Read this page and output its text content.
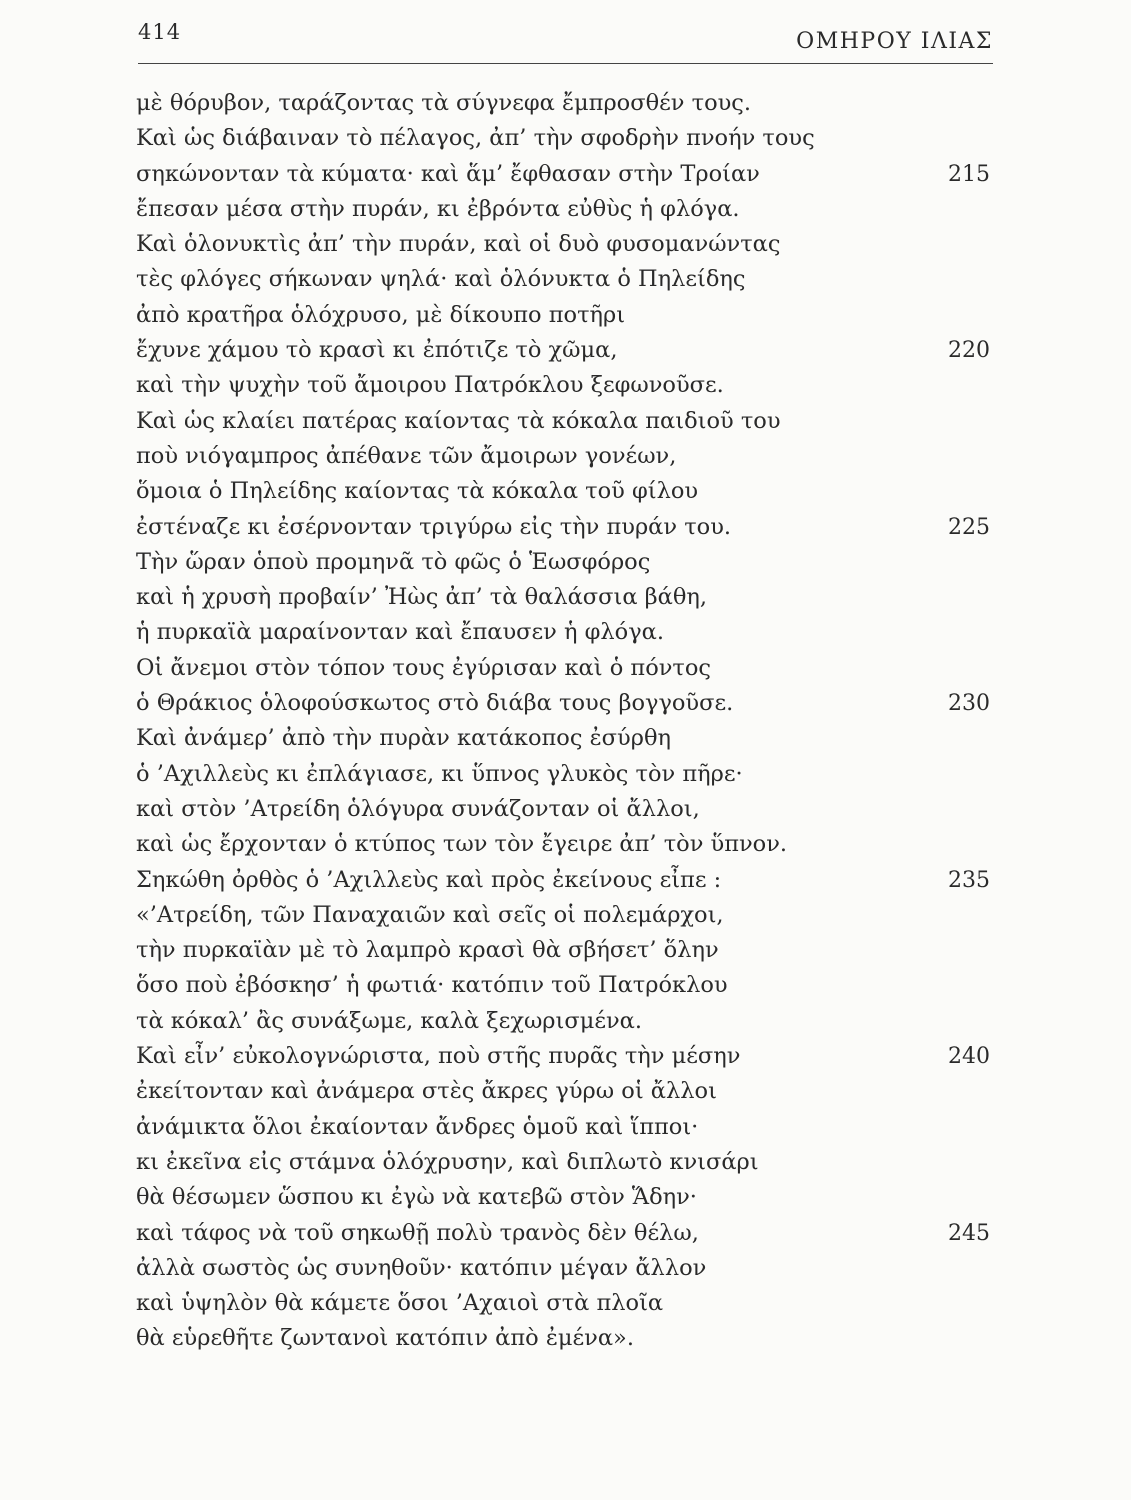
414	ΟΜΗΡΟΥ ΙΛΙΑΣ
μὲ θόρυβον, ταράζοντας τὰ σύγνεφα ἔμπροσθέν τους.
Καὶ ὡς διάβαιναν τὸ πέλαγος, ἀπ’ τὴν σφοδρὴν πνοήν τους
σηκώνονταν τὰ κύματα· καὶ ἅμ’ ἔφθασαν στὴν Τροίαν	215
ἔπεσαν μέσα στὴν πυράν, κι ἐβρόντα εὐθὺς ἡ φλόγα.
Καὶ ὁλονυκτὶς ἀπ’ τὴν πυράν, καὶ οἱ δυὸ φυσομανώντας
τὲς φλόγες σήκωναν ψηλά· καὶ ὁλόνυκτα ὁ Πηλείδης
ἀπὸ κρατῆρα ὁλόχρυσο, μὲ δίκουπο ποτῆρι
ἔχυνε χάμου τὸ κρασὶ κι ἐπότιζε τὸ χῶμα,	220
καὶ τὴν ψυχὴν τοῦ ἄμοιρου Πατρόκλου ξεφωνοῦσε.
Καὶ ὡς κλαίει πατέρας καίοντας τὰ κόκαλα παιδιοῦ του
ποὺ νιόγαμπρος ἀπέθανε τῶν ἄμοιρων γονέων,
ὅμοια ὁ Πηλείδης καίοντας τὰ κόκαλα τοῦ φίλου
ἐστέναζε κι ἐσέρνονταν τριγύρω εἰς τὴν πυράν του.	225
Τὴν ὥραν ὁποὺ προμηνᾶ τὸ φῶς ὁ Ἑωσφόρος
καὶ ἡ χρυσὴ προβαίν’ Ἠὼς ἀπ’ τὰ θαλάσσια βάθη,
ἡ πυρκαϊὰ μαραίνονταν καὶ ἔπαυσεν ἡ φλόγα.
Οἱ ἄνεμοι στὸν τόπον τους ἐγύρισαν καὶ ὁ πόντος
ὁ Θράκιος ὁλοφούσκωτος στὸ διάβα τους βογγοῦσε.	230
Καὶ ἀνάμερ’ ἀπὸ τὴν πυρὰν κατάκοπος ἐσύρθη
ὁ ’Αχιλλεὺς κι ἐπλάγιασε, κι ὕπνος γλυκὸς τὸν πῆρε·
καὶ στὸν ’Ατρείδη ὁλόγυρα συνάζονταν οἱ ἄλλοι,
καὶ ὡς ἔρχονταν ὁ κτύπος των τὸν ἔγειρε ἀπ’ τὸν ὕπνον.
Σηκώθη ὀρθὸς ὁ ’Αχιλλεὺς καὶ πρὸς ἐκείνους εἶπε :	235
«’Ατρείδη, τῶν Παναχαιῶν καὶ σεῖς οἱ πολεμάρχοι,
τὴν πυρκαϊὰν μὲ τὸ λαμπρὸ κρασὶ θὰ σβήσετ’ ὅλην
ὅσο ποὺ ἐβόσκησ’ ἡ φωτιά· κατόπιν τοῦ Πατρόκλου
τὰ κόκαλ’ ἂς συνάξωμε, καλὰ ξεχωρισμένα.
Καὶ εἶν’ εὐκολογνώριστα, ποὺ στῆς πυρᾶς τὴν μέσην	240
ἐκείτονταν καὶ ἀνάμερα στὲς ἄκρες γύρω οἱ ἄλλοι
ἀνάμικτα ὅλοι ἐκαίονταν ἄνδρες ὁμοῦ καὶ ἵπποι·
κι ἐκεῖνα εἰς στάμνα ὁλόχρυσην, καὶ διπλωτὸ κνισάρι
θὰ θέσωμεν ὥσπου κι ἐγὼ νὰ κατεβῶ στὸν Ἅδην·
καὶ τάφος νὰ τοῦ σηκωθῇ πολὺ τρανὸς δὲν θέλω,	245
ἀλλὰ σωστὸς ὡς συνηθοῦν· κατόπιν μέγαν ἄλλον
καὶ ὑψηλὸν θὰ κάμετε ὅσοι ’Αχαιοὶ στὰ πλοῖα
θὰ εὑρεθῆτε ζωντανοὶ κατόπιν ἀπὸ ἐμένα».
